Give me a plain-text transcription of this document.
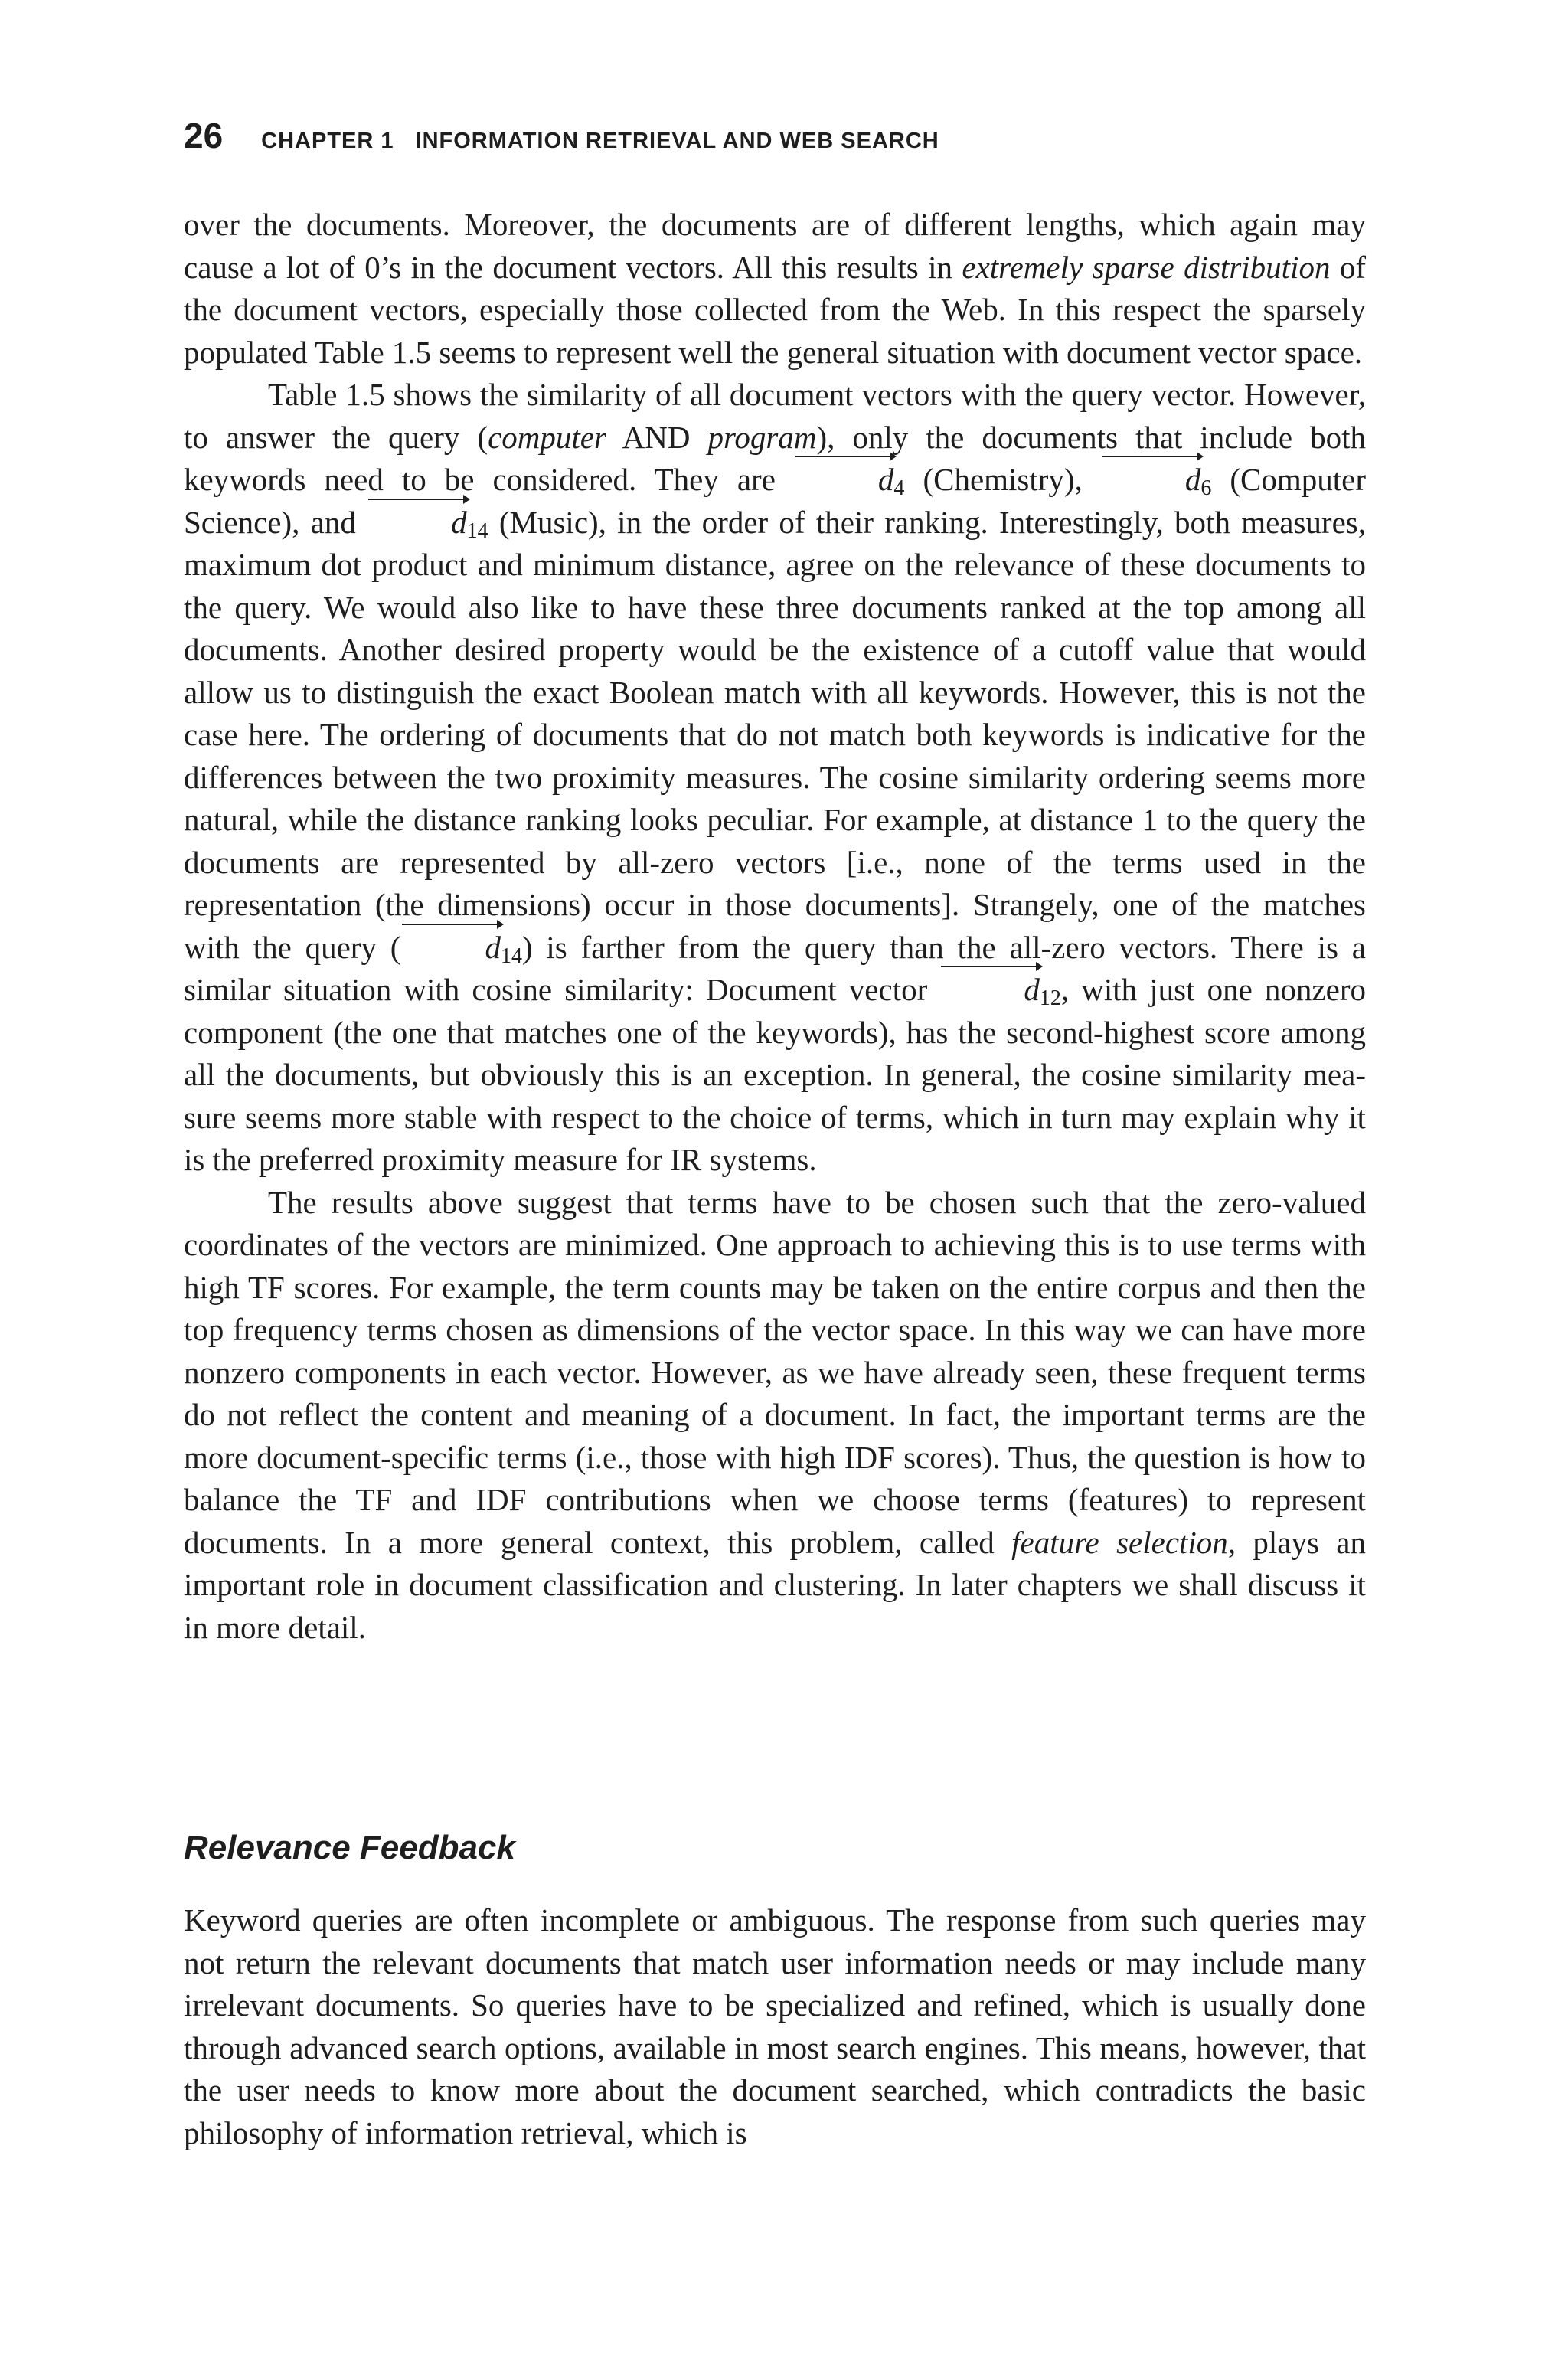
26 CHAPTER 1 INFORMATION RETRIEVAL AND WEB SEARCH

over the documents. Moreover, the documents are of different lengths, which again may cause a lot of 0’s in the document vectors. All this results in extremely sparse distribution of the document vectors, especially those collected from the Web. In this respect the sparsely populated Table 1.5 seems to represent well the general situation with document vector space.

Table 1.5 shows the similarity of all document vectors with the query vector. However, to answer the query (computer AND program), only the documents that include both keywords need to be considered. They are	$d_4$ (Chemistry),	$d_6$ (Computer Science), and	$d_{14}$ (Music), in the order of their ranking. Interestingly, both measures, maximum dot product and minimum distance, agree on the relevance of these documents to the query. We would also like to have these three documents ranked at the top among all documents. Another desired property would be the existence of a cutoff value that would allow us to distinguish the exact Boolean match with all keywords. However, this is not the case here. The ordering of documents that do not match both keywords is indicative for the differences between the two proximity measures. The cosine similarity ordering seems more natural, while the distance ranking looks peculiar. For example, at distance 1 to the query the documents are represented by all-zero vectors [i.e., none of the terms used in the representation (the dimensions) occur in those documents]. Strangely, one of the matches with the query (	$d_{14}$) is farther from the query than the all-zero vectors. There is a similar situation with cosine similarity: Document vector	$d_{12}$, with just one nonzero component (the one that matches one of the keywords), has the second-highest score among all the documents, but obviously this is an exception. In general, the cosine similarity measure seems more stable with respect to the choice of terms, which in turn may explain why it is the preferred proximity measure for IR systems.

The results above suggest that terms have to be chosen such that the zero-valued coordinates of the vectors are minimized. One approach to achieving this is to use terms with high TF scores. For example, the term counts may be taken on the entire corpus and then the top frequency terms chosen as dimensions of the vector space. In this way we can have more nonzero components in each vector. However, as we have already seen, these frequent terms do not reflect the content and meaning of a document. In fact, the important terms are the more document-specific terms (i.e., those with high IDF scores). Thus, the question is how to balance the TF and IDF contributions when we choose terms (features) to represent documents. In a more general context, this problem, called feature selection, plays an important role in document classification and clustering. In later chapters we shall discuss it in more detail.

Relevance Feedback

Keyword queries are often incomplete or ambiguous. The response from such queries may not return the relevant documents that match user information needs or may include many irrelevant documents. So queries have to be specialized and refined, which is usually done through advanced search options, available in most search engines. This means, however, that the user needs to know more about the document searched, which contradicts the basic philosophy of information retrieval, which is
